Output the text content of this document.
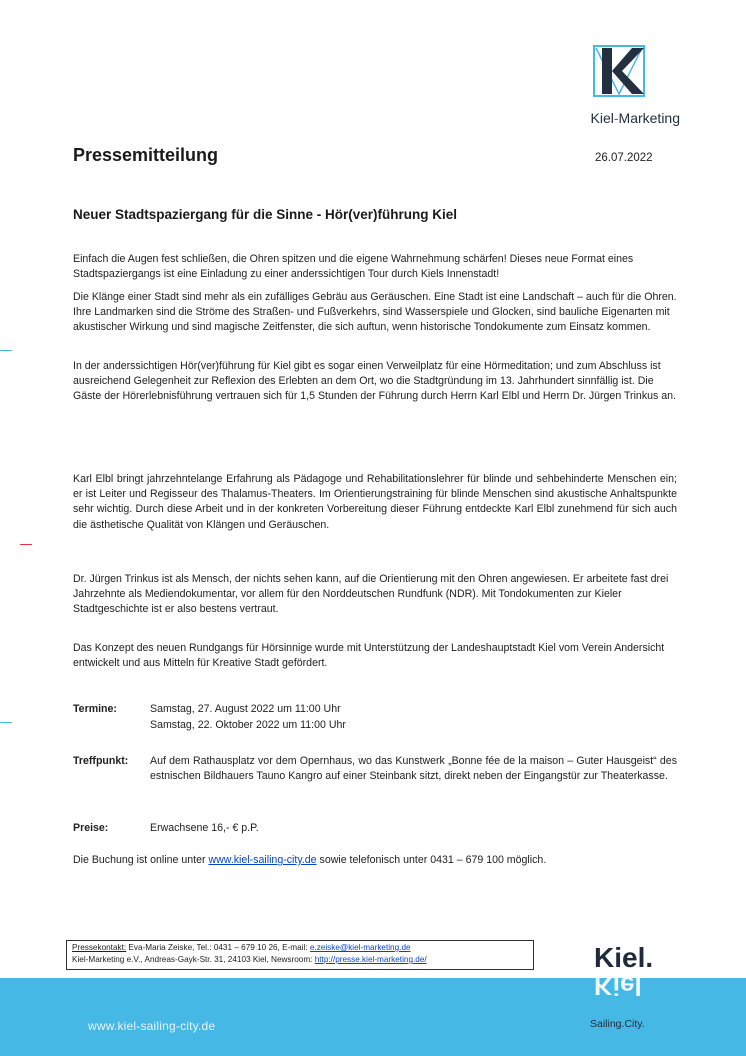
Kiel-Marketing
Pressemitteilung	26.07.2022
Neuer Stadtspaziergang für die Sinne - Hör(ver)führung Kiel
Einfach die Augen fest schließen, die Ohren spitzen und die eigene Wahrnehmung schärfen! Dieses neue Format eines Stadtspaziergangs ist eine Einladung zu einer anderssichtigen Tour durch Kiels Innenstadt!
Die Klänge einer Stadt sind mehr als ein zufälliges Gebräu aus Geräuschen. Eine Stadt ist eine Landschaft – auch für die Ohren. Ihre Landmarken sind die Ströme des Straßen- und Fußverkehrs, sind Wasserspiele und Glocken, sind bauliche Eigenarten mit akustischer Wirkung und sind magische Zeitfenster, die sich auftun, wenn historische Tondokumente zum Einsatz kommen.
In der anderssichtigen Hör(ver)führung für Kiel gibt es sogar einen Verweilplatz für eine Hörmeditation; und zum Abschluss ist ausreichend Gelegenheit zur Reflexion des Erlebten an dem Ort, wo die Stadtgründung im 13. Jahrhundert sinnfällig ist. Die Gäste der Hörerlebnisführung vertrauen sich für 1,5 Stunden der Führung durch Herrn Karl Elbl und Herrn Dr. Jürgen Trinkus an.
Karl Elbl bringt jahrzehntelange Erfahrung als Pädagoge und Rehabilitationslehrer für blinde und sehbehinderte Menschen ein; er ist Leiter und Regisseur des Thalamus-Theaters. Im Orientierungstraining für blinde Menschen sind akustische Anhaltspunkte sehr wichtig. Durch diese Arbeit und in der konkreten Vorbereitung dieser Führung entdeckte Karl Elbl zunehmend für sich auch die ästhetische Qualität von Klängen und Geräuschen.
Dr. Jürgen Trinkus ist als Mensch, der nichts sehen kann, auf die Orientierung mit den Ohren angewiesen. Er arbeitete fast drei Jahrzehnte als Mediendokumentar, vor allem für den Norddeutschen Rundfunk (NDR). Mit Tondokumenten zur Kieler Stadtgeschichte ist er also bestens vertraut.
Das Konzept des neuen Rundgangs für Hörsinnige wurde mit Unterstützung der Landeshauptstadt Kiel vom Verein Andersicht entwickelt und aus Mitteln für Kreative Stadt gefördert.
Termine:	Samstag, 27. August 2022 um 11:00 Uhr
Samstag, 22. Oktober 2022 um 11:00 Uhr
Treffpunkt: Auf dem Rathausplatz vor dem Opernhaus, wo das Kunstwerk „Bonne fée de la maison – Guter Hausgeist“ des estnischen Bildhauers Tauno Kangro auf einer Steinbank sitzt, direkt neben der Eingangstür zur Theaterkasse.
Preise:	Erwachsene 16,- € p.P.
Die Buchung ist online unter www.kiel-sailing-city.de sowie telefonisch unter 0431 – 679 100 möglich.
www.kiel-sailing-city.de
Pressekontakt: Eva-Maria Zeiske, Tel.: 0431 – 679 10 26, E-mail: e.zeiske@kiel-marketing.de
Kiel-Marketing e.V., Andreas-Gayk-Str. 31, 24103 Kiel, Newsroom: http://presse.kiel-marketing.de/	Kiel.
Kiel
Sailing.City.
